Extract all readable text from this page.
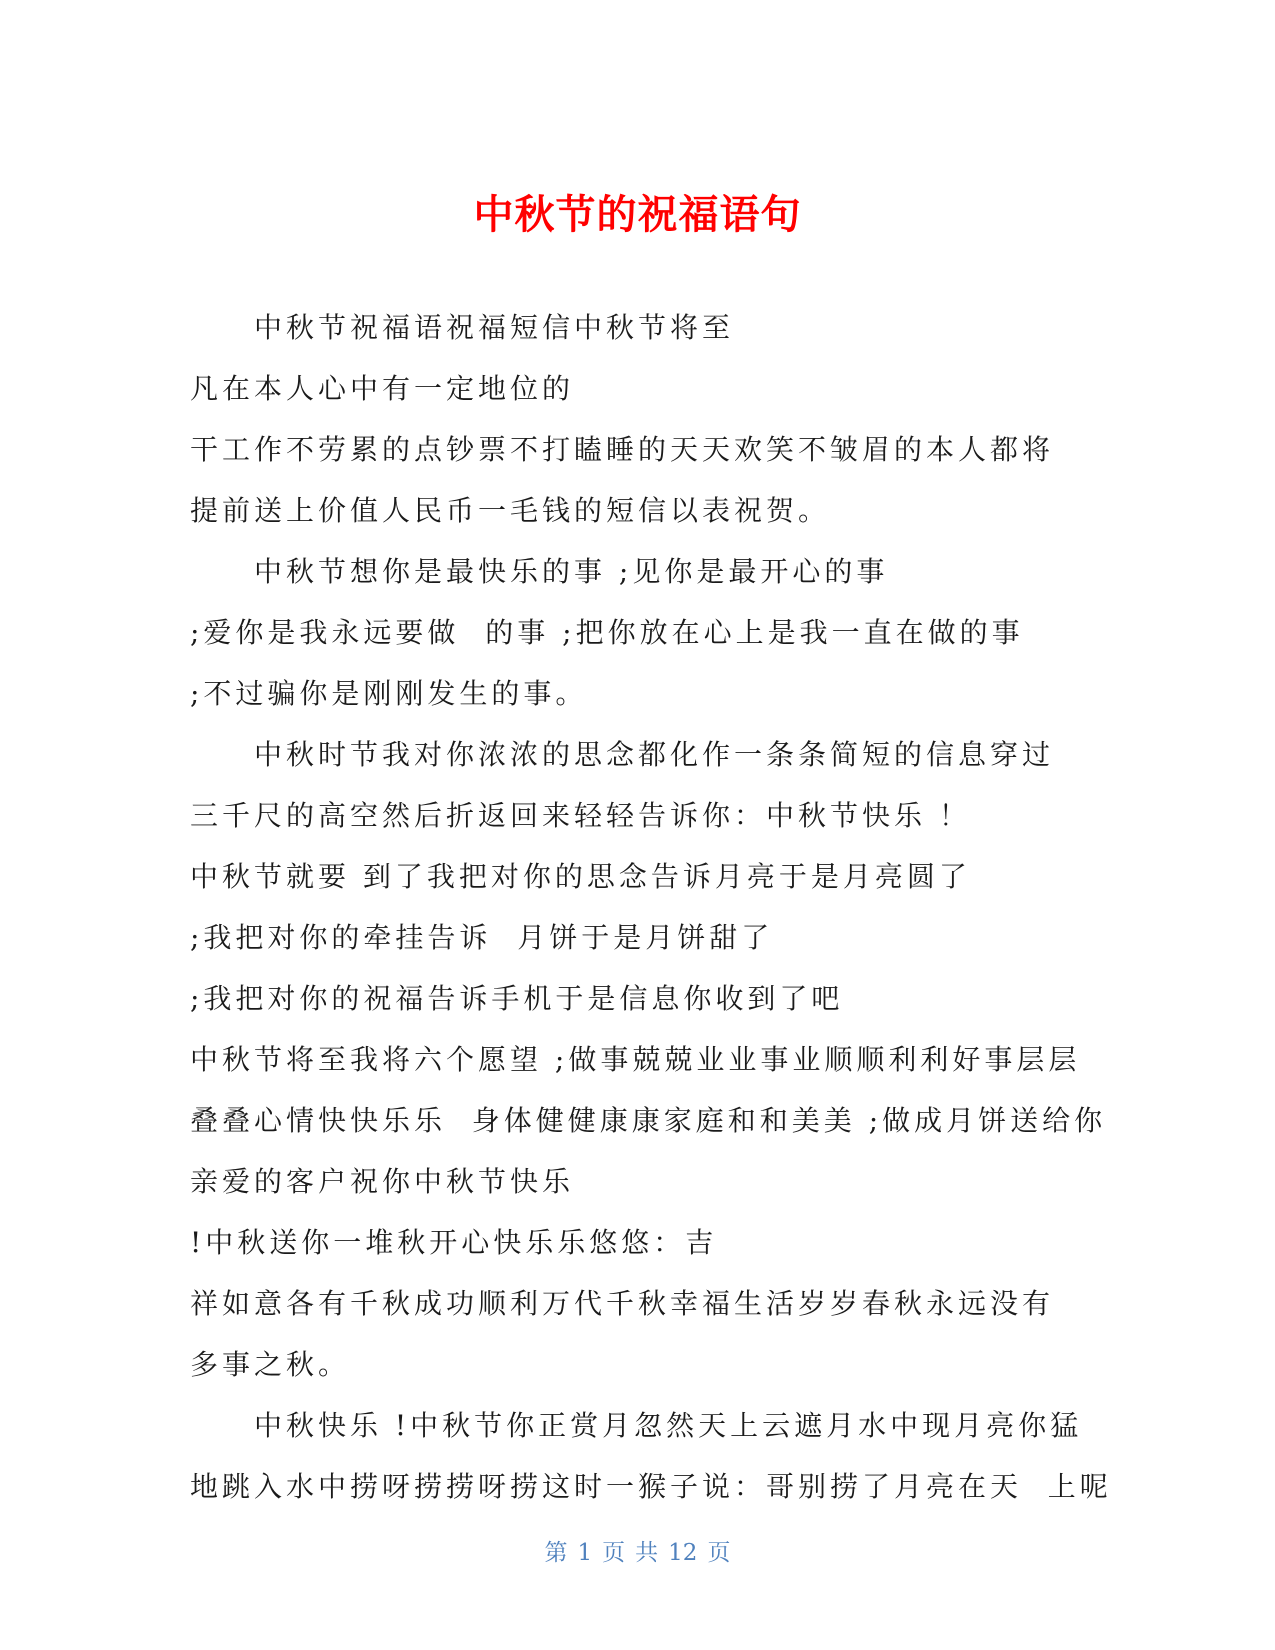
中秋节的祝福语句
中秋节祝福语祝福短信中秋节将至
凡在本人心中有一定地位的
干工作不劳累的点钞票不打瞌睡的天天欢笑不皱眉的本人都将
提前送上价值人民币一毛钱的短信以表祝贺。
中秋节想你是最快乐的事 ;见你是最开心的事
;爱你是我永远要做  的事 ;把你放在心上是我一直在做的事
;不过骗你是刚刚发生的事。
中秋时节我对你浓浓的思念都化作一条条简短的信息穿过
三千尺的高空然后折返回来轻轻告诉你：中秋节快乐 ！
中秋节就要 到了我把对你的思念告诉月亮于是月亮圆了
;我把对你的牵挂告诉  月饼于是月饼甜了
;我把对你的祝福告诉手机于是信息你收到了吧
中秋节将至我将六个愿望 ;做事兢兢业业事业顺顺利利好事层层
叠叠心情快快乐乐  身体健健康康家庭和和美美 ;做成月饼送给你
亲爱的客户祝你中秋节快乐
!中秋送你一堆秋开心快乐乐悠悠：吉
祥如意各有千秋成功顺利万代千秋幸福生活岁岁春秋永远没有
多事之秋。
中秋快乐 !中秋节你正赏月忽然天上云遮月水中现月亮你猛
地跳入水中捞呀捞捞呀捞这时一猴子说：哥别捞了月亮在天  上呢
第 1 页 共 12 页
